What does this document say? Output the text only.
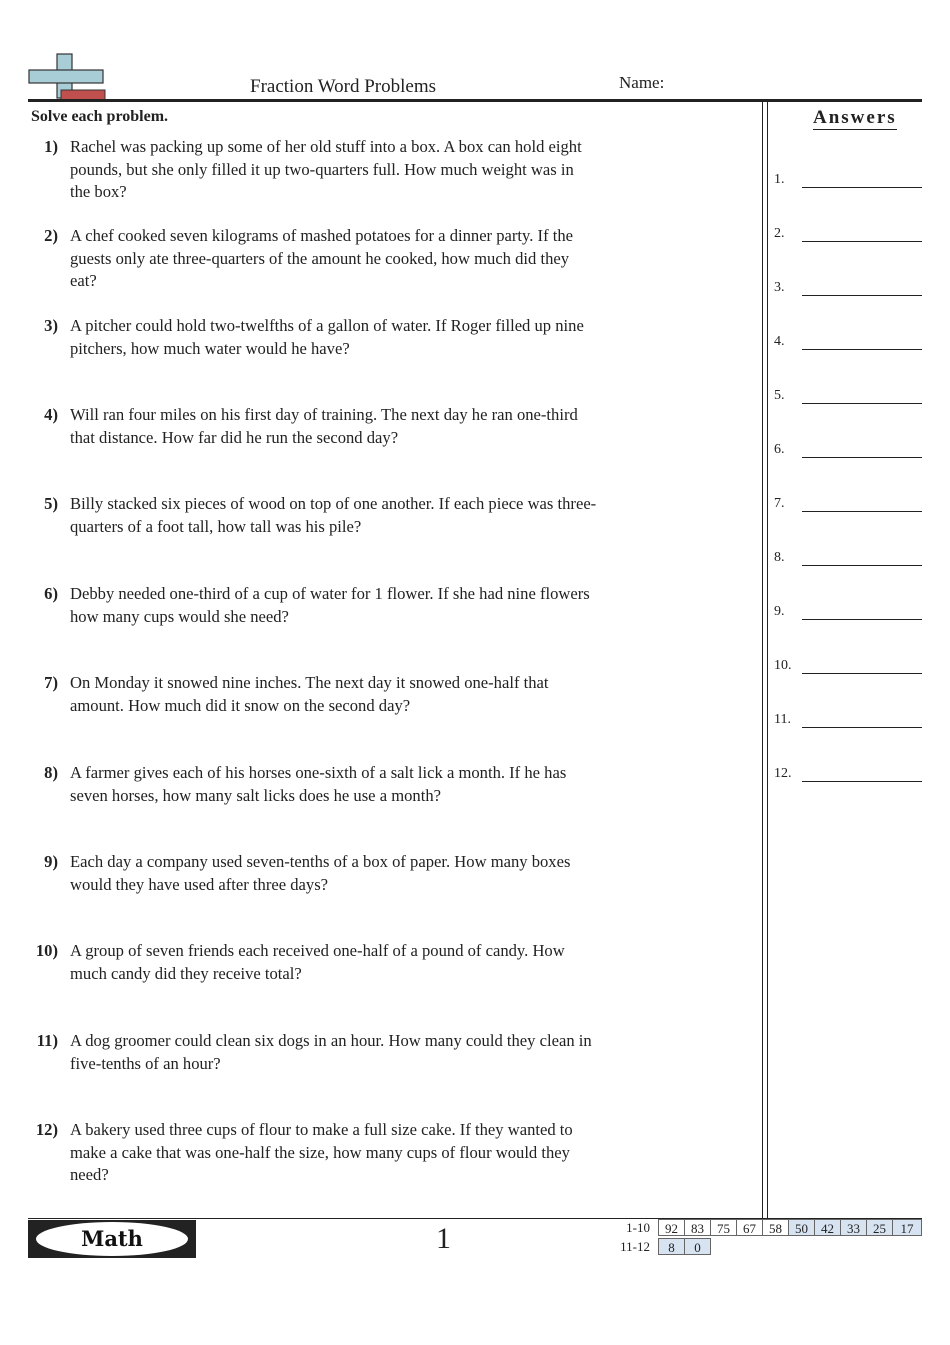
Fraction Word Problems	Name:
Solve each problem.	Answers
1) Rachel was packing up some of her old stuff into a box. A box can hold eight pounds, but she only filled it up two-quarters full. How much weight was in the box?
2) A chef cooked seven kilograms of mashed potatoes for a dinner party. If the guests only ate three-quarters of the amount he cooked, how much did they eat?
3) A pitcher could hold two-twelfths of a gallon of water. If Roger filled up nine pitchers, how much water would he have?
4) Will ran four miles on his first day of training. The next day he ran one-third that distance. How far did he run the second day?
5) Billy stacked six pieces of wood on top of one another. If each piece was three-quarters of a foot tall, how tall was his pile?
6) Debby needed one-third of a cup of water for 1 flower. If she had nine flowers how many cups would she need?
7) On Monday it snowed nine inches. The next day it snowed one-half that amount. How much did it snow on the second day?
8) A farmer gives each of his horses one-sixth of a salt lick a month. If he has seven horses, how many salt licks does he use a month?
9) Each day a company used seven-tenths of a box of paper. How many boxes would they have used after three days?
10) A group of seven friends each received one-half of a pound of candy. How much candy did they receive total?
11) A dog groomer could clean six dogs in an hour. How many could they clean in five-tenths of an hour?
12) A bakery used three cups of flour to make a full size cake. If they wanted to make a cake that was one-half the size, how many cups of flour would they need?
1.
2.
3.
4.
5.
6.
7.
8.
9.
10.
11.
12.
Math	1	1-10	92	83	75	67	58	50	42	33	25	17
11-12	8	0
